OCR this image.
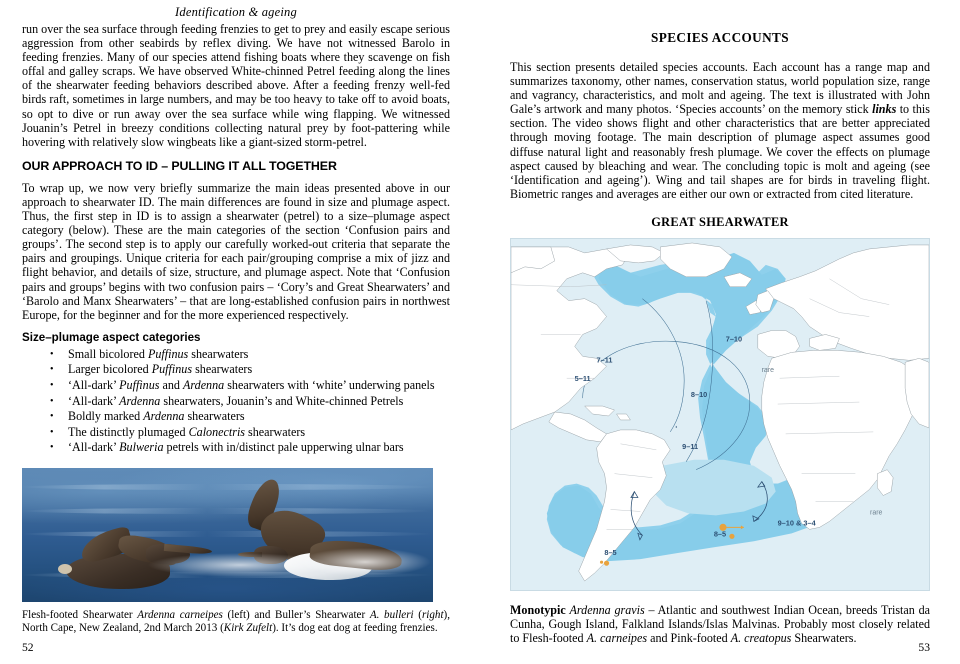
Identification & ageing

run over the sea surface through feeding frenzies to get to prey and easily escape serious aggression from other seabirds by reflex diving. We have not witnessed Barolo in feeding frenzies. Many of our species attend fishing boats where they scavenge on fish offal and galley scraps. We have observed White-chinned Petrel feeding along the lines of the shearwater feeding behaviors described above. After a feeding frenzy well-fed birds raft, sometimes in large numbers, and may be too heavy to take off to avoid boats, so opt to dive or run away over the sea surface while wing flapping. We witnessed Jouanin’s Petrel in breezy conditions collecting natural prey by foot-pattering while hovering with relatively slow wingbeats like a giant-sized storm-petrel.

OUR APPROACH TO ID – PULLING IT ALL TOGETHER

To wrap up, we now very briefly summarize the main ideas presented above in our approach to shearwater ID. The main differences are found in size and plumage aspect. Thus, the first step in ID is to assign a shearwater (petrel) to a size–plumage aspect category (below). These are the main categories of the section ‘Confusion pairs and groups’. The second step is to apply our carefully worked-out criteria that separate the pairs and groupings. Unique criteria for each pair/grouping comprise a mix of jizz and flight behavior, and details of size, structure, and plumage aspect. Note that ‘Confusion pairs and groups’ begins with two confusion pairs – ‘Cory’s and Great Shearwaters’ and ‘Barolo and Manx Shearwaters’ – that are long-established confusion pairs in northwest Europe, for the beginner and for the more experienced respectively.

Size–plumage aspect categories
• Small bicolored Puffinus shearwaters
• Larger bicolored Puffinus shearwaters
• ‘All-dark’ Puffinus and Ardenna shearwaters with ‘white’ underwing panels
• ‘All-dark’ Ardenna shearwaters, Jouanin’s and White-chinned Petrels
• Boldly marked Ardenna shearwaters
• The distinctly plumaged Calonectris shearwaters
• ‘All-dark’ Bulweria petrels with in/distinct pale upperwing ulnar bars
Flesh-footed Shearwater Ardenna carneipes (left) and Buller’s Shearwater A. bulleri (right), North Cape, New Zealand, 2nd March 2013 (Kirk Zufelt). It’s dog eat dog at feeding frenzies.
52
SPECIES ACCOUNTS

This section presents detailed species accounts. Each account has a range map and summarizes taxonomy, other names, conservation status, world population size, range and vagrancy, characteristics, and molt and ageing. The text is illustrated with John Gale’s artwork and many photos. ‘Species accounts’ on the memory stick links to this section. The video shows flight and other characteristics that are better appreciated through moving footage. The main description of plumage aspect assumes good diffuse natural light and reasonably fresh plumage. We cover the effects on plumage aspect caused by bleaching and wear. The concluding topic is molt and ageing (see ‘Identification and ageing’). Wing and tail shapes are for birds in traveling flight. Biometric ranges and averages are either our own or extracted from cited literature.

GREAT SHEARWATER
7–11
5–11
7–10
8–10
9–11
rare
9–10 & 3–4
rare
8–5
8–5

Monotypic Ardenna gravis – Atlantic and southwest Indian Ocean, breeds Tristan da Cunha, Gough Island, Falkland Islands/Islas Malvinas. Probably most closely related to Flesh-footed A. carneipes and Pink-footed A. creatopus Shearwaters.

53
